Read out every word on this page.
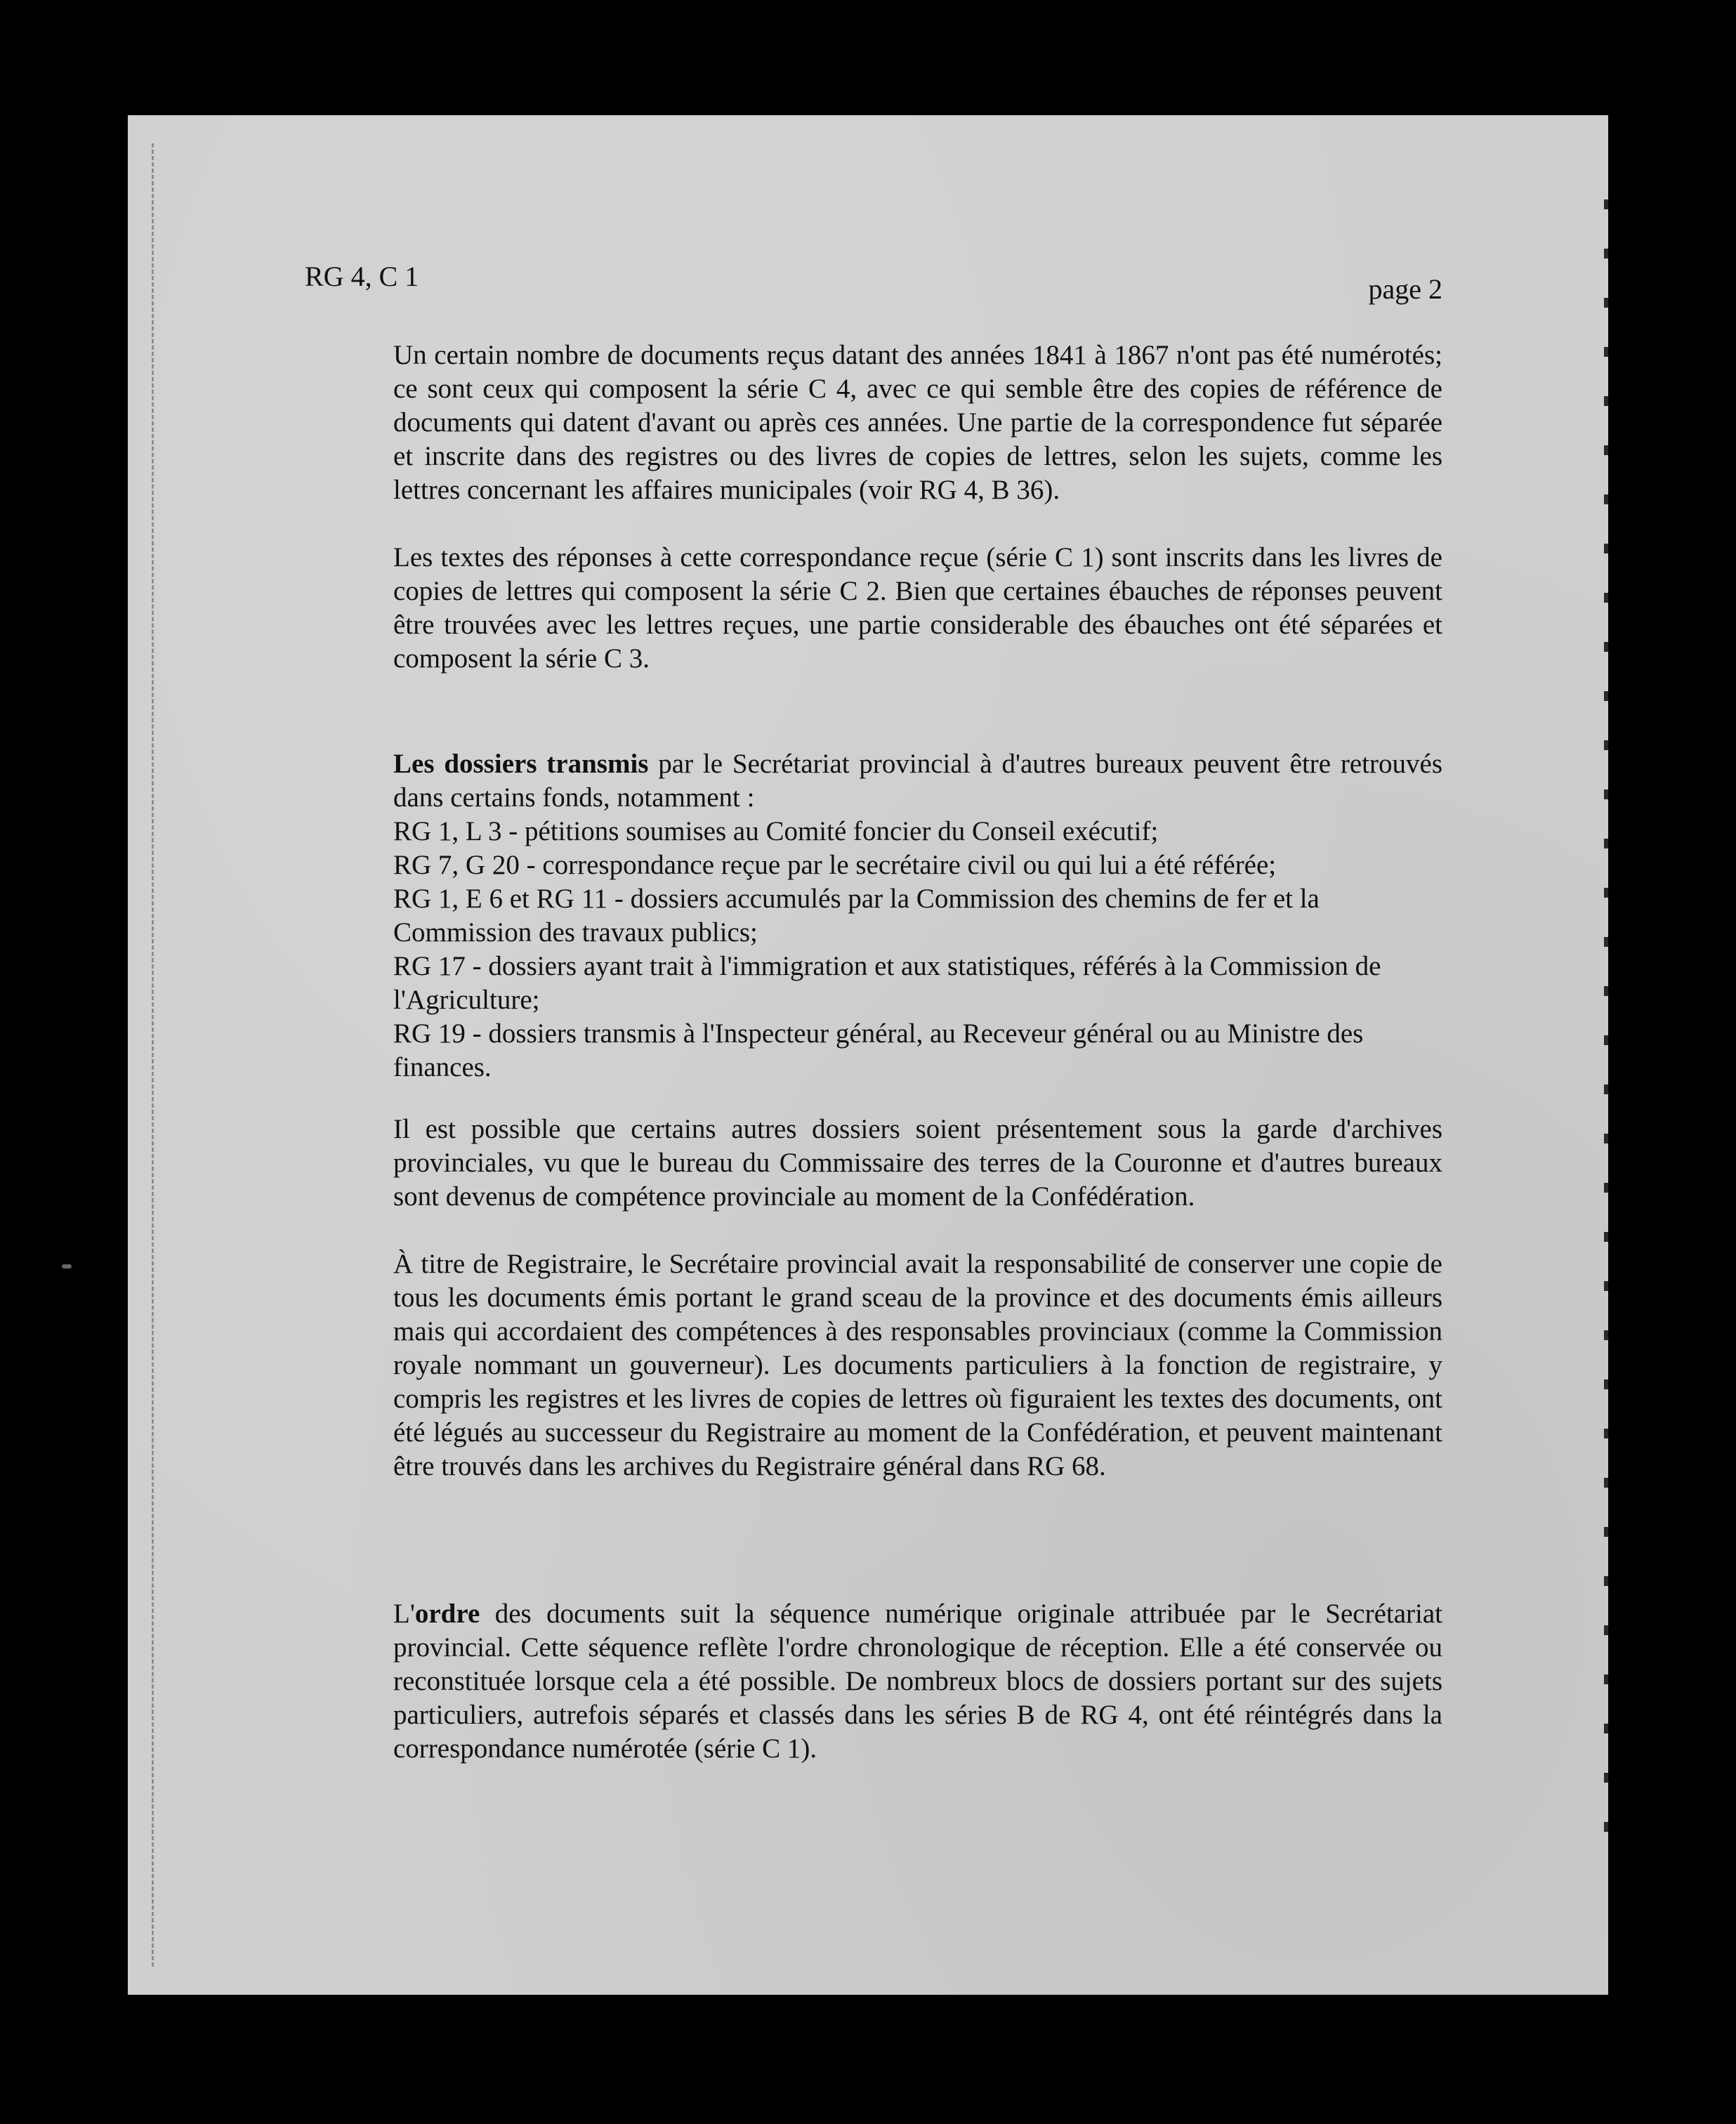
RG 4, C 1	page 2

Un certain nombre de documents reçus datant des années 1841 à 1867 n'ont pas été numérotés; ce sont ceux qui composent la série C 4, avec ce qui semble être des copies de référence de documents qui datent d'avant ou après ces années. Une partie de la correspondence fut séparée et inscrite dans des registres ou des livres de copies de lettres, selon les sujets, comme les lettres concernant les affaires municipales (voir RG 4, B 36).

Les textes des réponses à cette correspondance reçue (série C 1) sont inscrits dans les livres de copies de lettres qui composent la série C 2. Bien que certaines ébauches de réponses peuvent être trouvées avec les lettres reçues, une partie considerable des ébauches ont été séparées et composent la série C 3.

Les dossiers transmis par le Secrétariat provincial à d'autres bureaux peuvent être retrouvés dans certains fonds, notamment :

RG 1, L 3 - pétitions soumises au Comité foncier du Conseil exécutif;
RG 7, G 20 - correspondance reçue par le secrétaire civil ou qui lui a été référée;
RG 1, E 6 et RG 11 - dossiers accumulés par la Commission des chemins de fer et la Commission des travaux publics;
RG 17 - dossiers ayant trait à l'immigration et aux statistiques, référés à la Commission de l'Agriculture;
RG 19 - dossiers transmis à l'Inspecteur général, au Receveur général ou au Ministre des finances.

Il est possible que certains autres dossiers soient présentement sous la garde d'archives provinciales, vu que le bureau du Commissaire des terres de la Couronne et d'autres bureaux sont devenus de compétence provinciale au moment de la Confédération.

À titre de Registraire, le Secrétaire provincial avait la responsabilité de conserver une copie de tous les documents émis portant le grand sceau de la province et des documents émis ailleurs mais qui accordaient des compétences à des responsables provinciaux (comme la Commission royale nommant un gouverneur). Les documents particuliers à la fonction de registraire, y compris les registres et les livres de copies de lettres où figuraient les textes des documents, ont été légués au successeur du Registraire au moment de la Confédération, et peuvent maintenant être trouvés dans les archives du Registraire général dans RG 68.

L'ordre des documents suit la séquence numérique originale attribuée par le Secrétariat provincial. Cette séquence reflète l'ordre chronologique de réception. Elle a été conservée ou reconstituée lorsque cela a été possible. De nombreux blocs de dossiers portant sur des sujets particuliers, autrefois séparés et classés dans les séries B de RG 4, ont été réintégrés dans la correspondance numérotée (série C 1).
